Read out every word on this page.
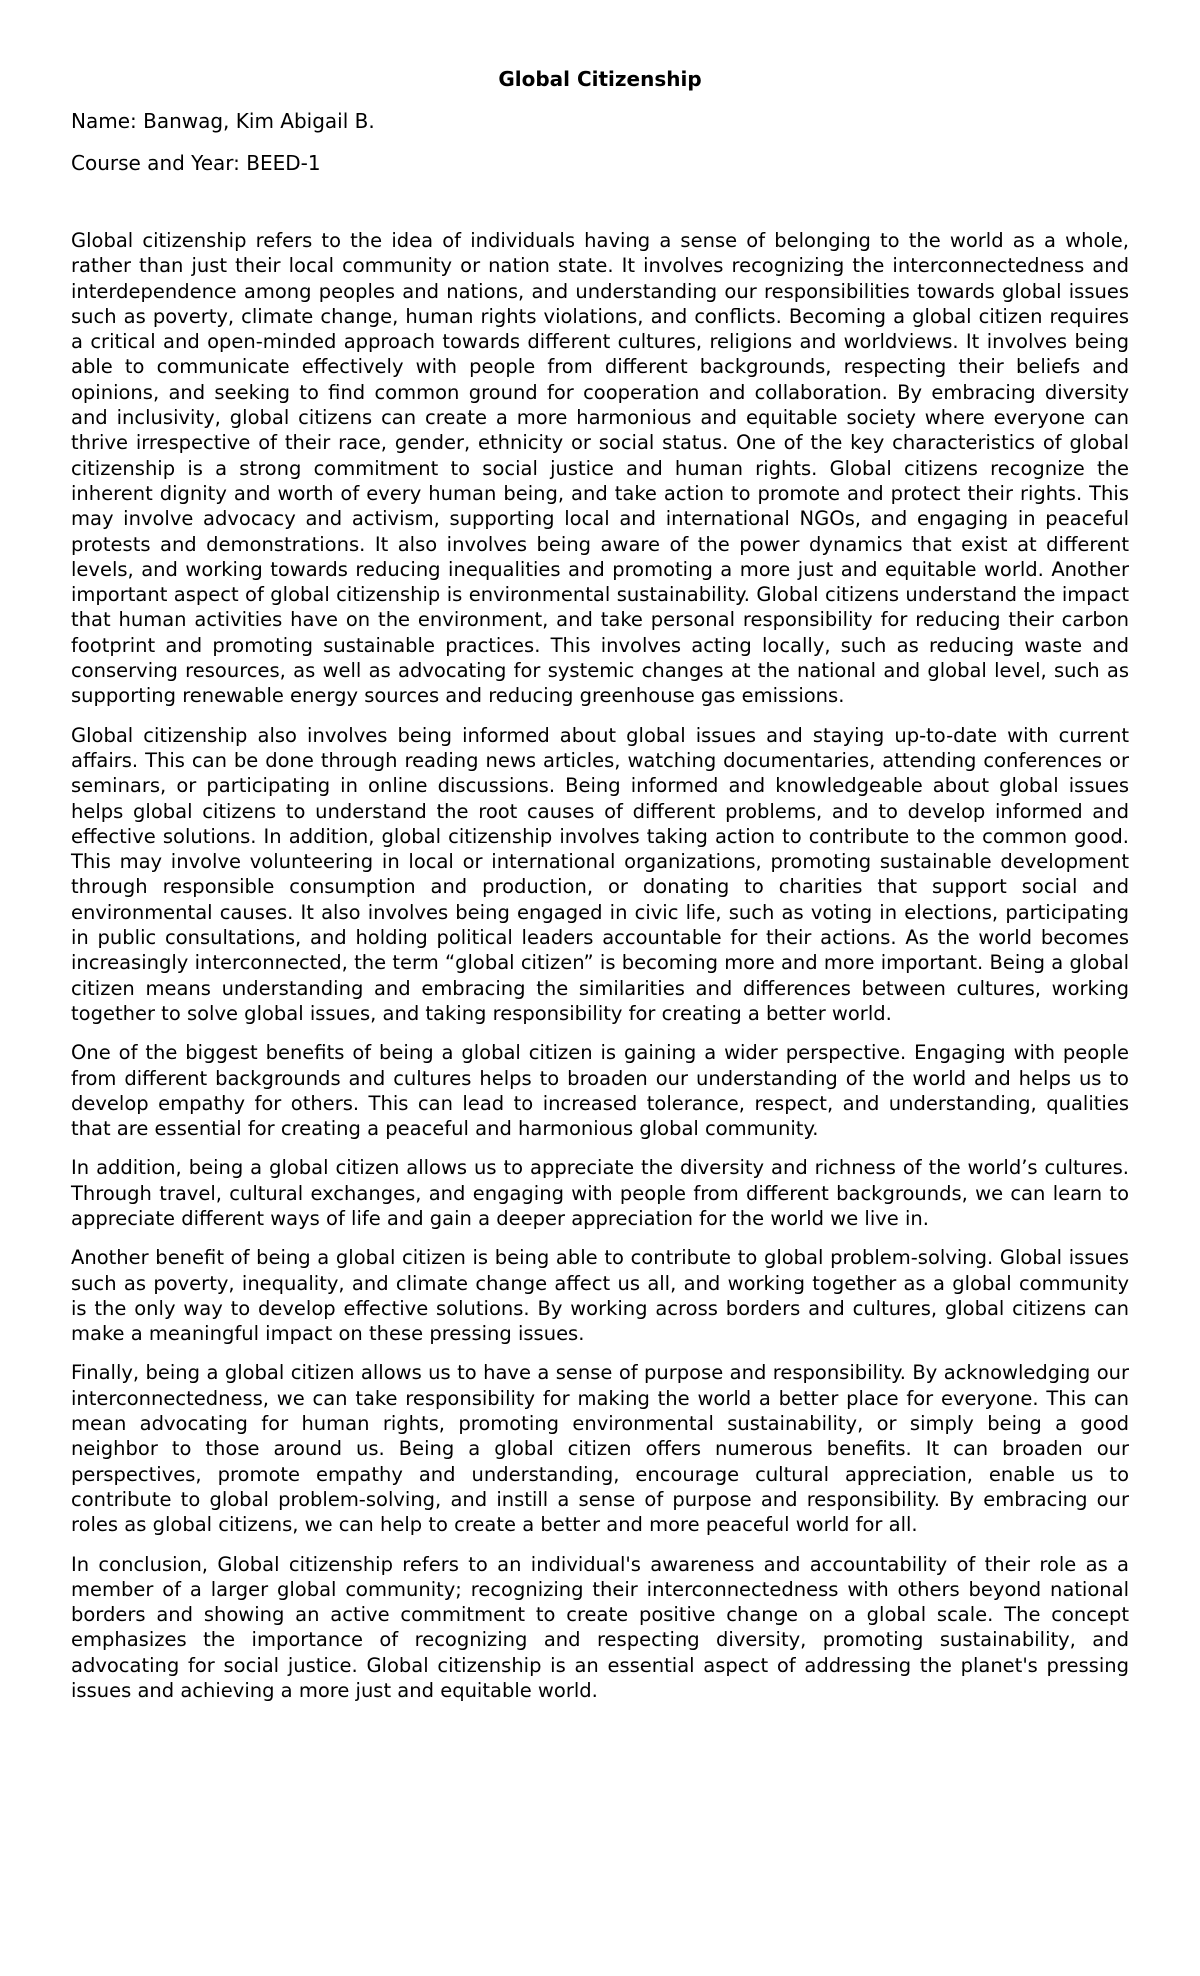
Global Citizenship
Name: Banwag, Kim Abigail B.
Course and Year: BEED-1

Global citizenship refers to the idea of individuals having a sense of belonging to the world as a whole, rather than just their local community or nation state. It involves recognizing the interconnectedness and interdependence among peoples and nations, and understanding our responsibilities towards global issues such as poverty, climate change, human rights violations, and conflicts. Becoming a global citizen requires a critical and open-minded approach towards different cultures, religions and worldviews. It involves being able to communicate effectively with people from different backgrounds, respecting their beliefs and opinions, and seeking to find common ground for cooperation and collaboration. By embracing diversity and inclusivity, global citizens can create a more harmonious and equitable society where everyone can thrive irrespective of their race, gender, ethnicity or social status. One of the key characteristics of global citizenship is a strong commitment to social justice and human rights. Global citizens recognize the inherent dignity and worth of every human being, and take action to promote and protect their rights. This may involve advocacy and activism, supporting local and international NGOs, and engaging in peaceful protests and demonstrations. It also involves being aware of the power dynamics that exist at different levels, and working towards reducing inequalities and promoting a more just and equitable world. Another important aspect of global citizenship is environmental sustainability. Global citizens understand the impact that human activities have on the environment, and take personal responsibility for reducing their carbon footprint and promoting sustainable practices. This involves acting locally, such as reducing waste and conserving resources, as well as advocating for systemic changes at the national and global level, such as supporting renewable energy sources and reducing greenhouse gas emissions.

Global citizenship also involves being informed about global issues and staying up-to-date with current affairs. This can be done through reading news articles, watching documentaries, attending conferences or seminars, or participating in online discussions. Being informed and knowledgeable about global issues helps global citizens to understand the root causes of different problems, and to develop informed and effective solutions. In addition, global citizenship involves taking action to contribute to the common good. This may involve volunteering in local or international organizations, promoting sustainable development through responsible consumption and production, or donating to charities that support social and environmental causes. It also involves being engaged in civic life, such as voting in elections, participating in public consultations, and holding political leaders accountable for their actions. As the world becomes increasingly interconnected, the term “global citizen” is becoming more and more important. Being a global citizen means understanding and embracing the similarities and differences between cultures, working together to solve global issues, and taking responsibility for creating a better world.

One of the biggest benefits of being a global citizen is gaining a wider perspective. Engaging with people from different backgrounds and cultures helps to broaden our understanding of the world and helps us to develop empathy for others. This can lead to increased tolerance, respect, and understanding, qualities that are essential for creating a peaceful and harmonious global community.

In addition, being a global citizen allows us to appreciate the diversity and richness of the world’s cultures. Through travel, cultural exchanges, and engaging with people from different backgrounds, we can learn to appreciate different ways of life and gain a deeper appreciation for the world we live in.

Another benefit of being a global citizen is being able to contribute to global problem-solving. Global issues such as poverty, inequality, and climate change affect us all, and working together as a global community is the only way to develop effective solutions. By working across borders and cultures, global citizens can make a meaningful impact on these pressing issues.

Finally, being a global citizen allows us to have a sense of purpose and responsibility. By acknowledging our interconnectedness, we can take responsibility for making the world a better place for everyone. This can mean advocating for human rights, promoting environmental sustainability, or simply being a good neighbor to those around us. Being a global citizen offers numerous benefits. It can broaden our perspectives, promote empathy and understanding, encourage cultural appreciation, enable us to contribute to global problem-solving, and instill a sense of purpose and responsibility. By embracing our roles as global citizens, we can help to create a better and more peaceful world for all.

In conclusion, Global citizenship refers to an individual's awareness and accountability of their role as a member of a larger global community; recognizing their interconnectedness with others beyond national borders and showing an active commitment to create positive change on a global scale. The concept emphasizes the importance of recognizing and respecting diversity, promoting sustainability, and advocating for social justice. Global citizenship is an essential aspect of addressing the planet's pressing issues and achieving a more just and equitable world.
